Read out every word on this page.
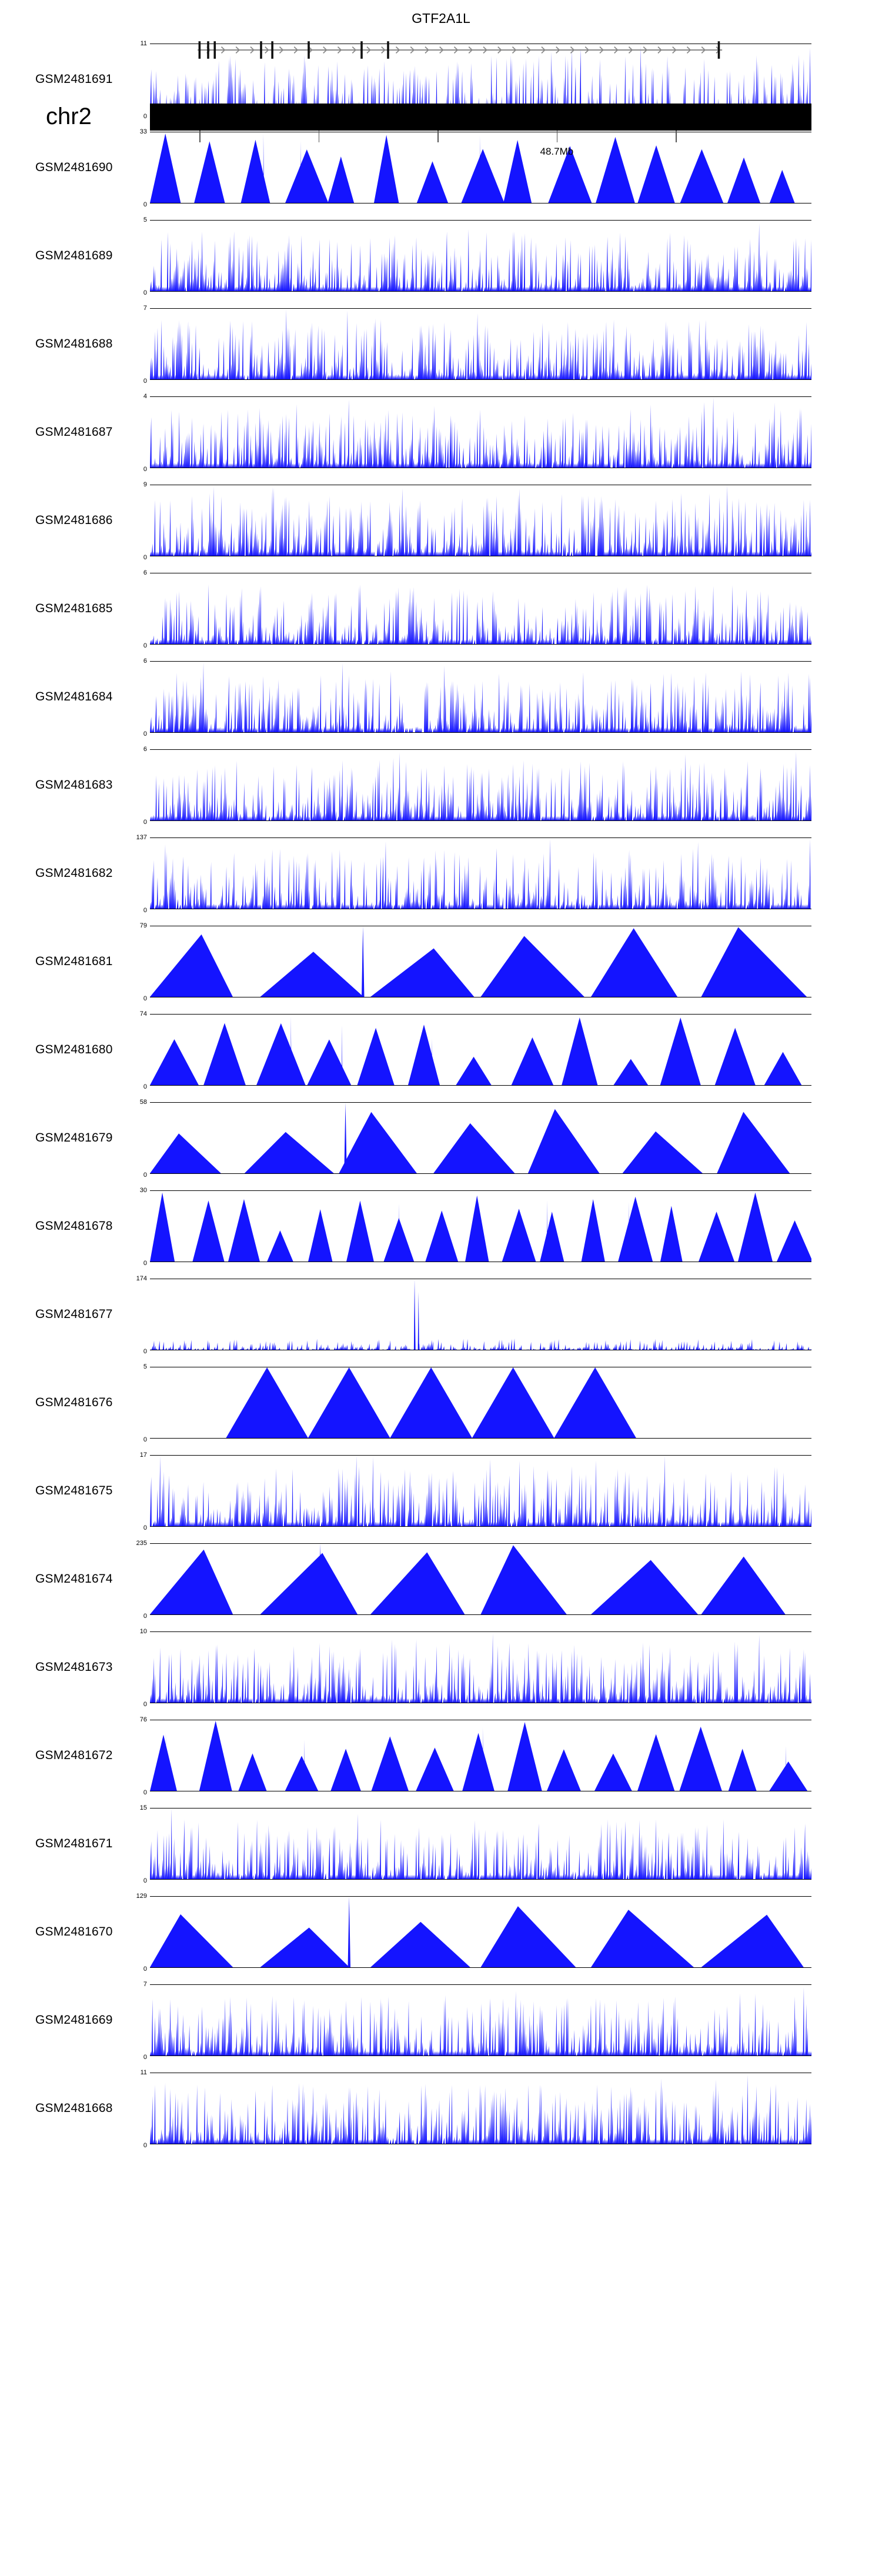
GSM2481691
11
0
GSM2481690
33
0
GSM2481689
5
0
GSM2481688
7
0
GSM2481687
4
0
GSM2481686
9
0
GSM2481685
6
0
GSM2481684
6
0
GSM2481683
6
0
GSM2481682
137
0
GSM2481681
79
0
GSM2481680
74
0
GSM2481679
58
0
GSM2481678
30
0
GSM2481677
174
0
GSM2481676
5
0
GSM2481675
17
0
GSM2481674
235
0
GSM2481673
10
0
GSM2481672
76
0
GSM2481671
15
0
GSM2481670
129
0
GSM2481669
7
0
GSM2481668
11
0
GTF2A1L
chr2
48.7Mb
